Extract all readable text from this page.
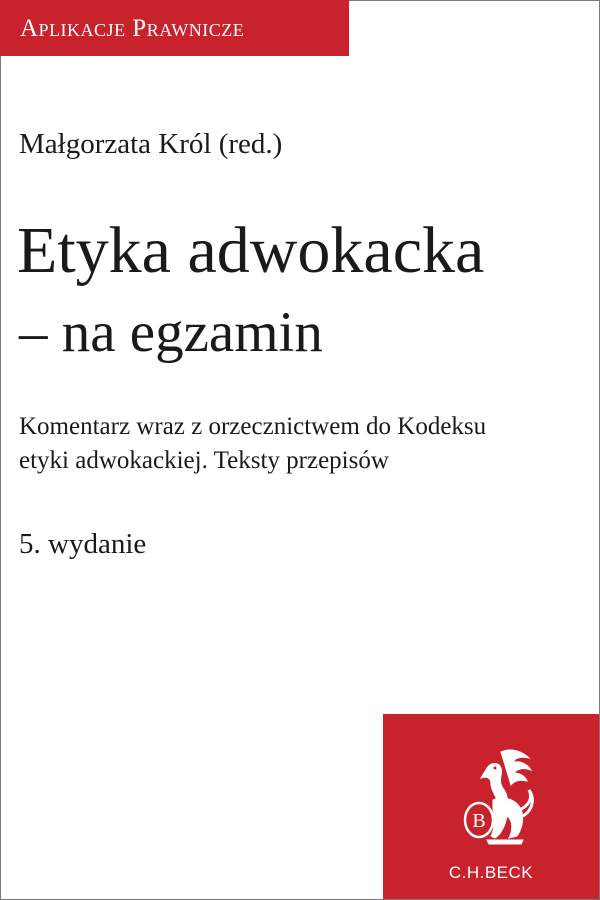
Aplikacje Prawnicze
Małgorzata Król (red.)
Etyka adwokacka
– na egzamin
Komentarz wraz z orzecznictwem do Kodeksu
etyki adwokackiej. Teksty przepisów
5. wydanie
B
C.H.BECK
